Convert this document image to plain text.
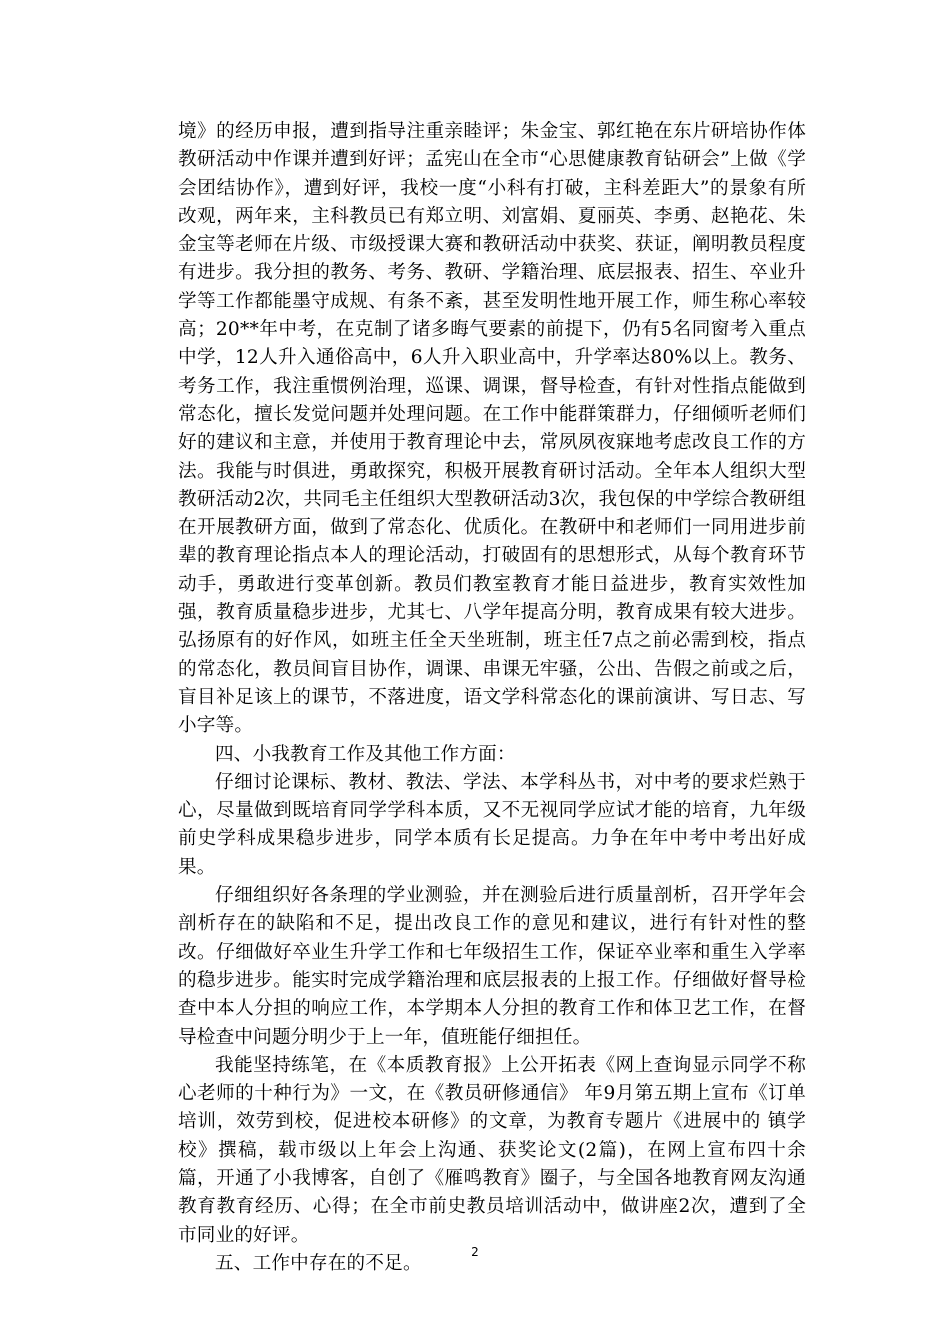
境》的经历申报，遭到指导注重亲睦评；朱金宝、郭红艳在东片研培协作体教研活动中作课并遭到好评；孟宪山在全市“心思健康教育钻研会”上做《学会团结协作》，遭到好评，我校一度“小科有打破，主科差距大”的景象有所改观，两年来，主科教员已有郑立明、刘富娟、夏丽英、李勇、赵艳花、朱金宝等老师在片级、市级授课大赛和教研活动中获奖、获证，阐明教员程度有进步。我分担的教务、考务、教研、学籍治理、底层报表、招生、卒业升学等工作都能墨守成规、有条不紊，甚至发明性地开展工作，师生称心率较高；20**年中考，在克制了诸多晦气要素的前提下，仍有5名同窗考入重点中学，12人升入通俗高中，6人升入职业高中，升学率达80%以上。教务、考务工作，我注重惯例治理，巡课、调课，督导检查，有针对性指点能做到常态化，擅长发觉问题并处理问题。在工作中能群策群力，仔细倾听老师们好的建议和主意，并使用于教育理论中去，常夙夙夜寐地考虑改良工作的方法。我能与时俱进，勇敢探究，积极开展教育研讨活动。全年本人组织大型教研活动2次，共同毛主任组织大型教研活动3次，我包保的中学综合教研组在开展教研方面，做到了常态化、优质化。在教研中和老师们一同用进步前辈的教育理论指点本人的理论活动，打破固有的思想形式，从每个教育环节动手，勇敢进行变革创新。教员们教室教育才能日益进步，教育实效性加强，教育质量稳步进步，尤其七、八学年提高分明，教育成果有较大进步。弘扬原有的好作风，如班主任全天坐班制，班主任7点之前必需到校，指点的常态化，教员间盲目协作，调课、串课无牢骚，公出、告假之前或之后，盲目补足该上的课节，不落进度，语文学科常态化的课前演讲、写日志、写小字等。

四、小我教育工作及其他工作方面：

仔细讨论课标、教材、教法、学法、本学科丛书，对中考的要求烂熟于心，尽量做到既培育同学学科本质，又不无视同学应试才能的培育，九年级前史学科成果稳步进步，同学本质有长足提高。力争在年中考中考出好成果。

仔细组织好各条理的学业测验，并在测验后进行质量剖析，召开学年会剖析存在的缺陷和不足，提出改良工作的意见和建议，进行有针对性的整改。仔细做好卒业生升学工作和七年级招生工作，保证卒业率和重生入学率的稳步进步。能实时完成学籍治理和底层报表的上报工作。仔细做好督导检查中本人分担的响应工作，本学期本人分担的教育工作和体卫艺工作，在督导检查中问题分明少于上一年，值班能仔细担任。

我能坚持练笔，在《本质教育报》上公开拓表《网上查询显示同学不称心老师的十种行为》一文，在《教员研修通信》 年9月第五期上宣布《订单培训，效劳到校，促进校本研修》的文章，为教育专题片《进展中的 镇学校》撰稿，载市级以上年会上沟通、获奖论文(2篇)，在网上宣布四十余篇，开通了小我博客，自创了《雁鸣教育》圈子，与全国各地教育网友沟通教育教育经历、心得；在全市前史教员培训活动中，做讲座2次，遭到了全市同业的好评。

五、工作中存在的不足。

2
